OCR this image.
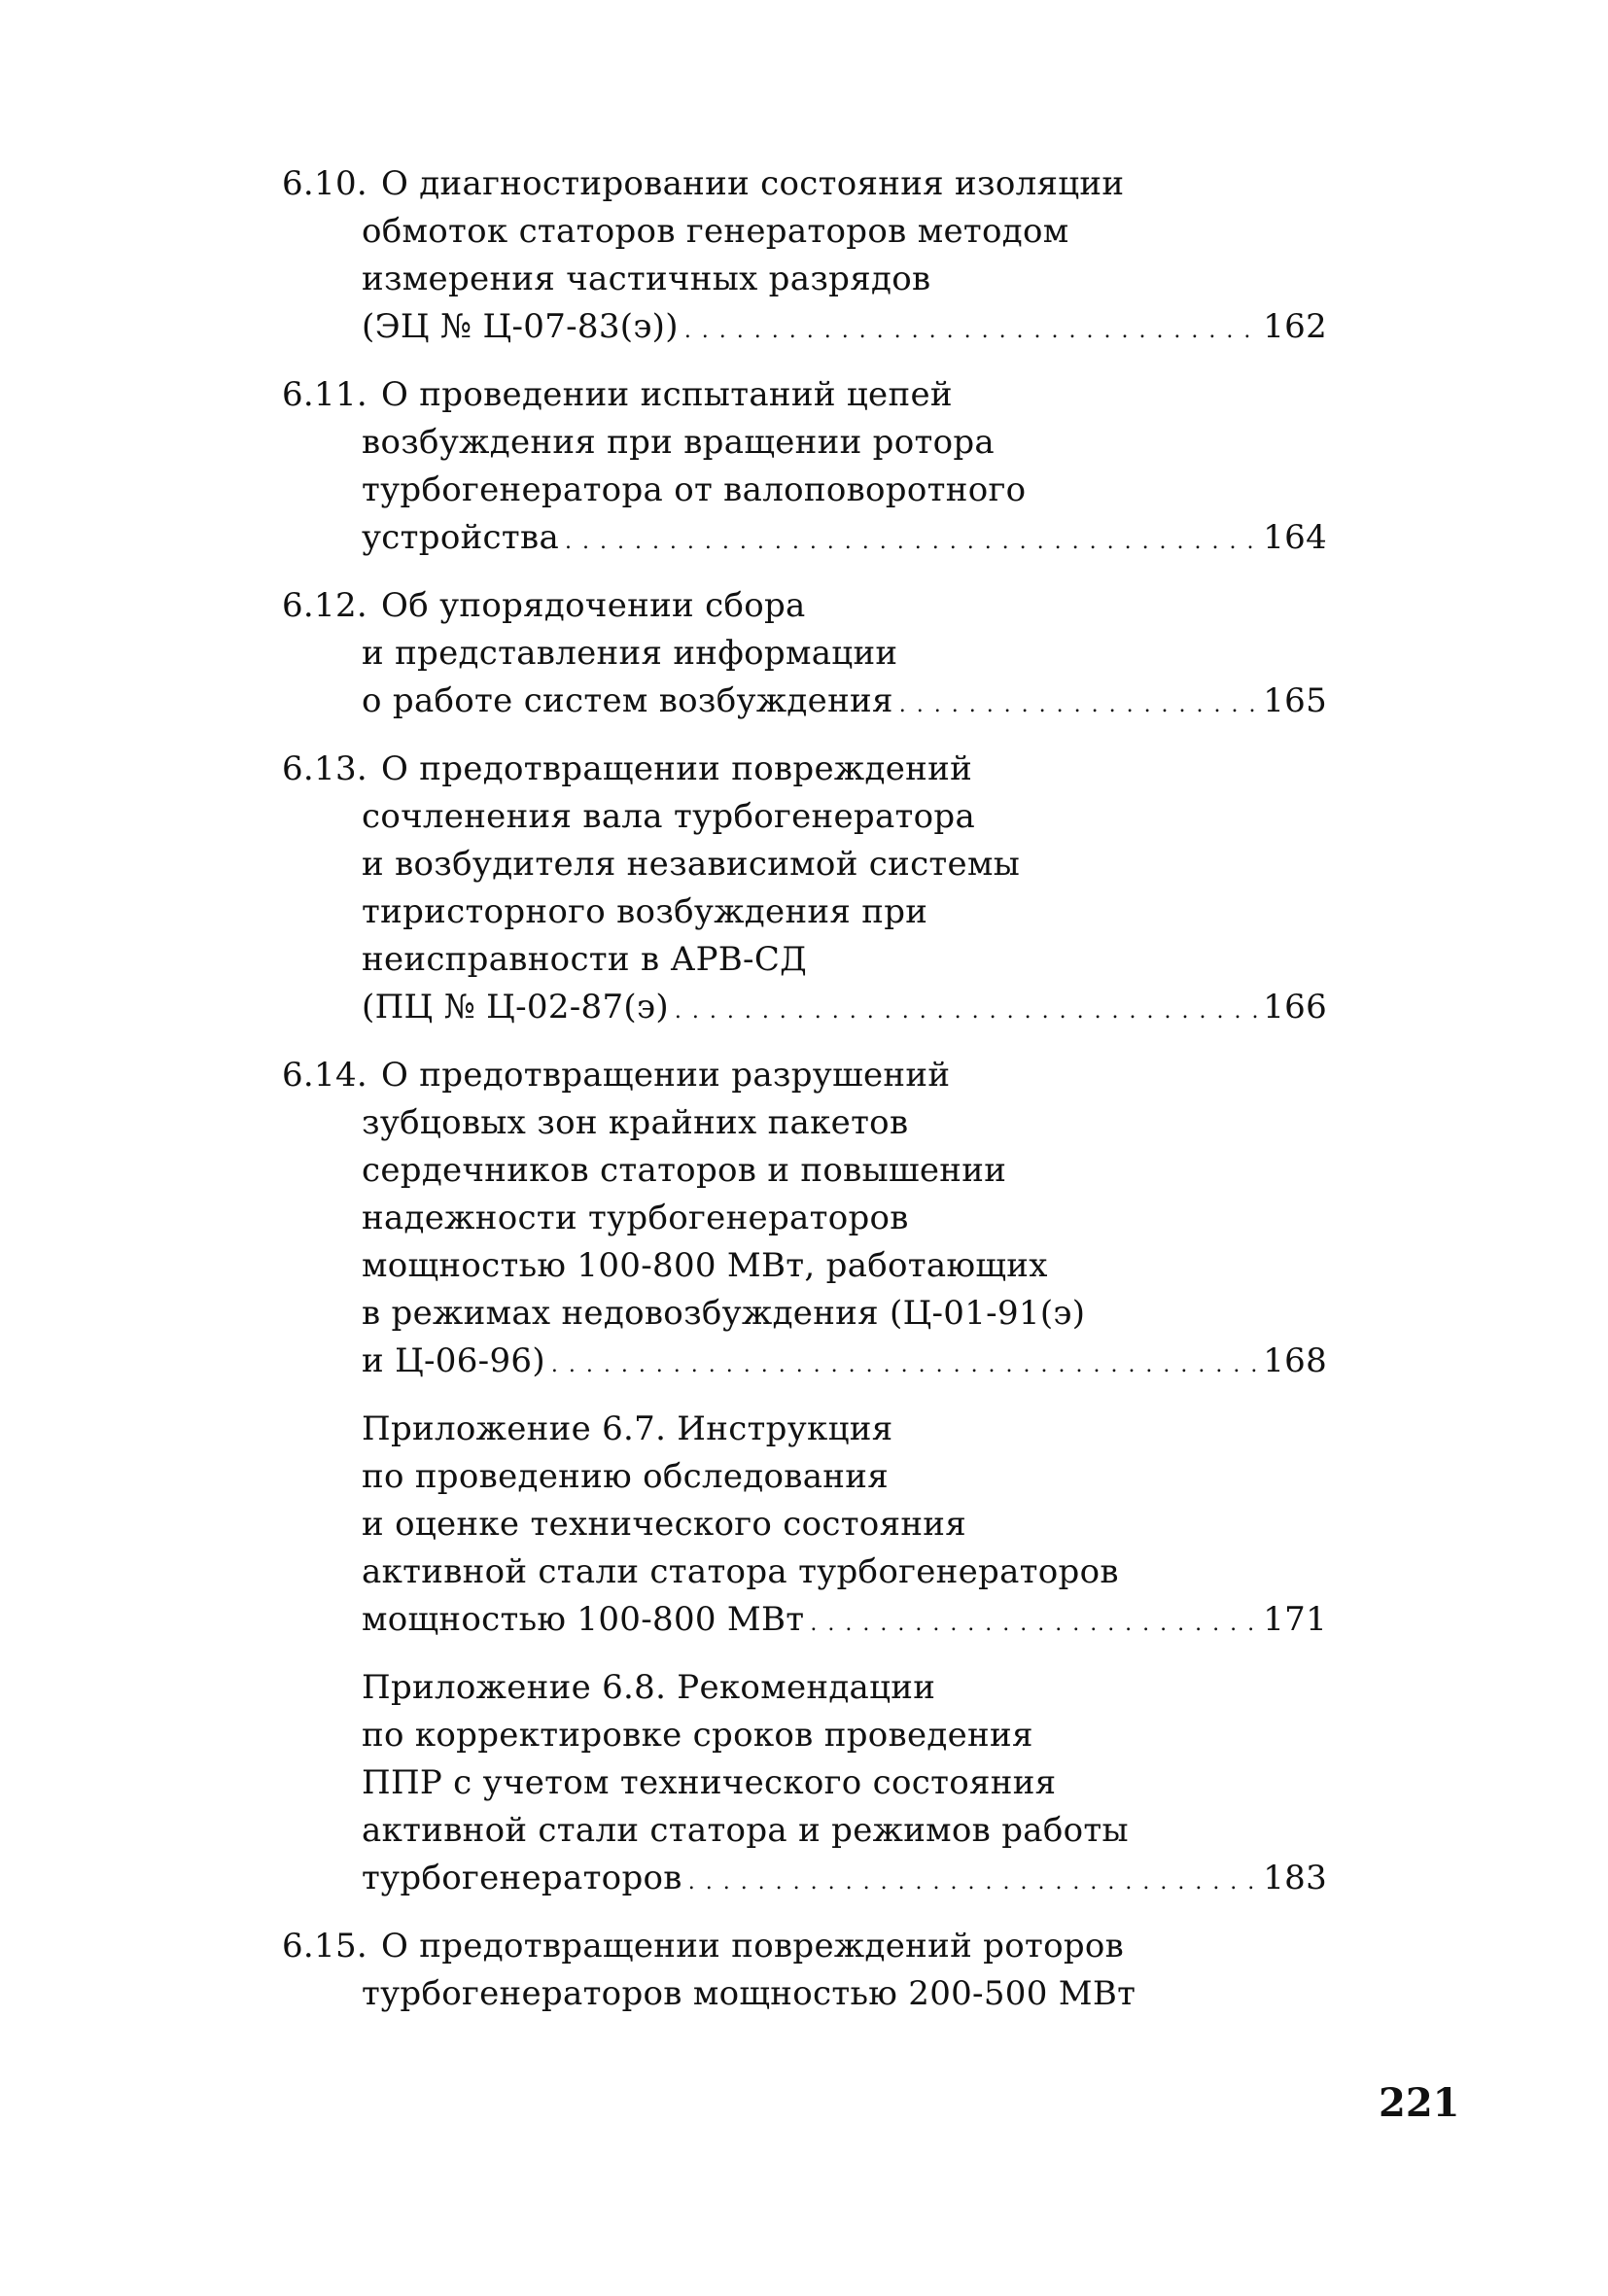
6.10. О диагностировании состояния изоляции
обмоток статоров генераторов методом
измерения частичных разрядов
(ЭЦ № Ц-07-83(э)) . . .	162
6.11. О проведении испытаний цепей
возбуждения при вращении ротора
турбогенератора от валоповоротного
устройства . . .	164
6.12. Об упорядочении сбора
и представления информации
о работе систем возбуждения . . .	165
6.13. О предотвращении повреждений
сочленения вала турбогенератора
и возбудителя независимой системы
тиристорного возбуждения при
неисправности в АРВ-СД
(ПЦ № Ц-02-87(э) . . .	166
6.14. О предотвращении разрушений
зубцовых зон крайних пакетов
сердечников статоров и повышении
надежности турбогенераторов
мощностью 100-800 МВт, работающих
в режимах недовозбуждения (Ц-01-91(э)
и Ц-06-96) . . .	168
Приложение 6.7. Инструкция
по проведению обследования
и оценке технического состояния
активной стали статора турбогенераторов
мощностью 100-800 МВт . . .	171
Приложение 6.8. Рекомендации
по корректировке сроков проведения
ППР с учетом технического состояния
активной стали статора и режимов работы
турбогенераторов . . .	183
6.15. О предотвращении повреждений роторов
турбогенераторов мощностью 200-500 МВт
221
